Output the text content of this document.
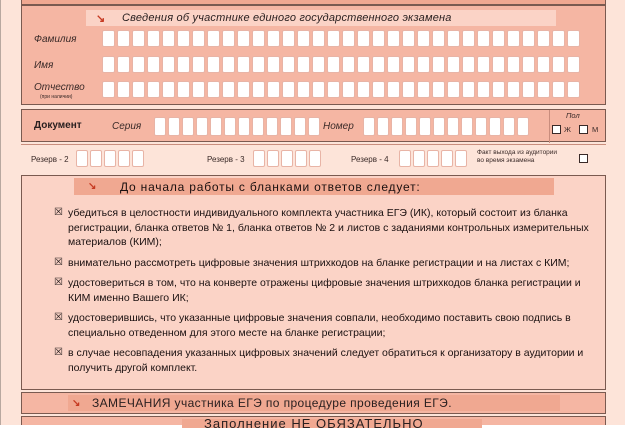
↘	Сведения об участнике единого государственного экзамена
Фамилия
Имя
Отчество
(при наличии)
Документ	Серия	Номер
Пол
Ж	М
Резерв - 2	Резерв - 3	Резерв - 4
Факт выхода из аудитории
во время экзамена
↘	До начала работы с бланками ответов следует:
☒ убедиться в целостности индивидуального комплекта участника ЕГЭ (ИК), который состоит из бланка регистрации, бланка ответов № 1, бланка ответов № 2 и листов с заданиями контрольных измерительных материалов (КИМ);
☒ внимательно рассмотреть цифровые значения штрихкодов на бланке регистрации и на листах с КИМ;
☒ удостовериться в том, что на конверте отражены цифровые значения штрихкодов бланка регистрации и КИМ именно Вашего ИК;
☒ удостоверившись, что указанные цифровые значения совпали, необходимо поставить свою подпись в специально отведенном для этого месте на бланке регистрации;
☒ в случае несовпадения указанных цифровых значений следует обратиться к организатору в аудитории и получить другой комплект.
↘ ЗАМЕЧАНИЯ участника ЕГЭ по процедуре проведения ЕГЭ.
Заполнение НЕ ОБЯЗАТЕЛЬНО
